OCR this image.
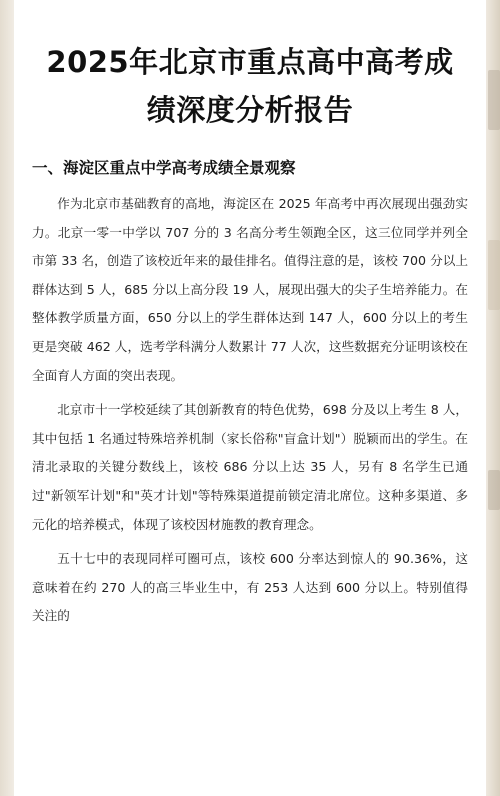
2025年北京市重点高中高考成绩深度分析报告
一、海淀区重点中学高考成绩全景观察

作为北京市基础教育的高地，海淀区在 2025 年高考中再次展现出强劲实力。北京一零一中学以 707 分的 3 名高分考生领跑全区，这三位同学并列全市第 33 名，创造了该校近年来的最佳排名。值得注意的是，该校 700 分以上群体达到 5 人，685 分以上高分段 19 人，展现出强大的尖子生培养能力。在整体教学质量方面，650 分以上的学生群体达到 147 人，600 分以上的考生更是突破 462 人，选考学科满分人数累计 77 人次，这些数据充分证明该校在全面育人方面的突出表现。

北京市十一学校延续了其创新教育的特色优势，698 分及以上考生 8 人，其中包括 1 名通过特殊培养机制（家长俗称"盲盒计划"）脱颖而出的学生。在清北录取的关键分数线上，该校 686 分以上达 35 人，另有 8 名学生已通过"新领军计划"和"英才计划"等特殊渠道提前锁定清北席位。这种多渠道、多元化的培养模式，体现了该校因材施教的教育理念。

五十七中的表现同样可圈可点，该校 600 分率达到惊人的 90.36%，这意味着在约 270 人的高三毕业生中，有 253 人达到 600 分以上。特别值得关注的
